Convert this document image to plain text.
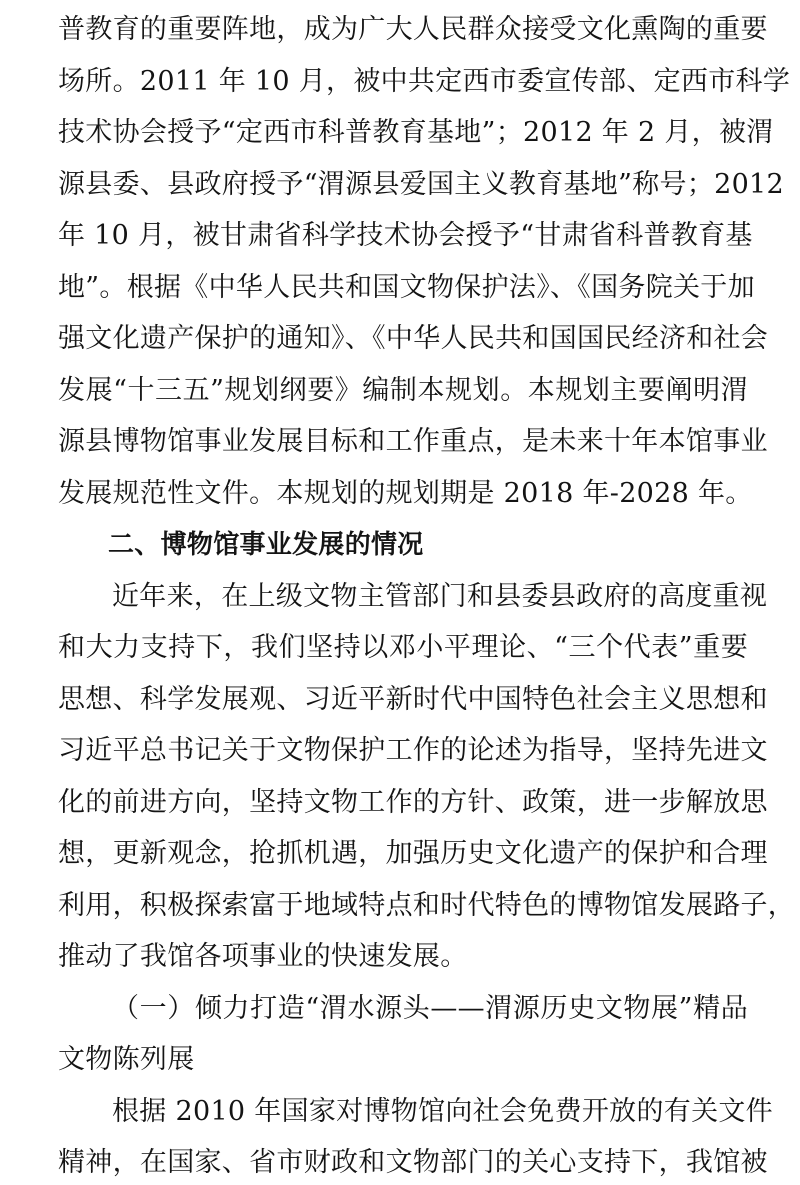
普教育的重要阵地，成为广大人民群众接受文化熏陶的重要
场所。2011 年 10 月，被中共定西市委宣传部、定西市科学
技术协会授予“定西市科普教育基地”；2012 年 2 月，被渭
源县委、县政府授予“渭源县爱国主义教育基地”称号；2012
年 10 月，被甘肃省科学技术协会授予“甘肃省科普教育基
地”。根据《中华人民共和国文物保护法》、《国务院关于加
强文化遗产保护的通知》、《中华人民共和国国民经济和社会
发展“十三五”规划纲要》编制本规划。本规划主要阐明渭
源县博物馆事业发展目标和工作重点，是未来十年本馆事业
发展规范性文件。本规划的规划期是 2018 年-2028 年。
二、博物馆事业发展的情况
近年来，在上级文物主管部门和县委县政府的高度重视
和大力支持下，我们坚持以邓小平理论、“三个代表”重要
思想、科学发展观、习近平新时代中国特色社会主义思想和
习近平总书记关于文物保护工作的论述为指导，坚持先进文
化的前进方向，坚持文物工作的方针、政策，进一步解放思
想，更新观念，抢抓机遇，加强历史文化遗产的保护和合理
利用，积极探索富于地域特点和时代特色的博物馆发展路子，
推动了我馆各项事业的快速发展。
（一）倾力打造“渭水源头——渭源历史文物展”精品
文物陈列展
根据 2010 年国家对博物馆向社会免费开放的有关文件
精神，在国家、省市财政和文物部门的关心支持下，我馆被
